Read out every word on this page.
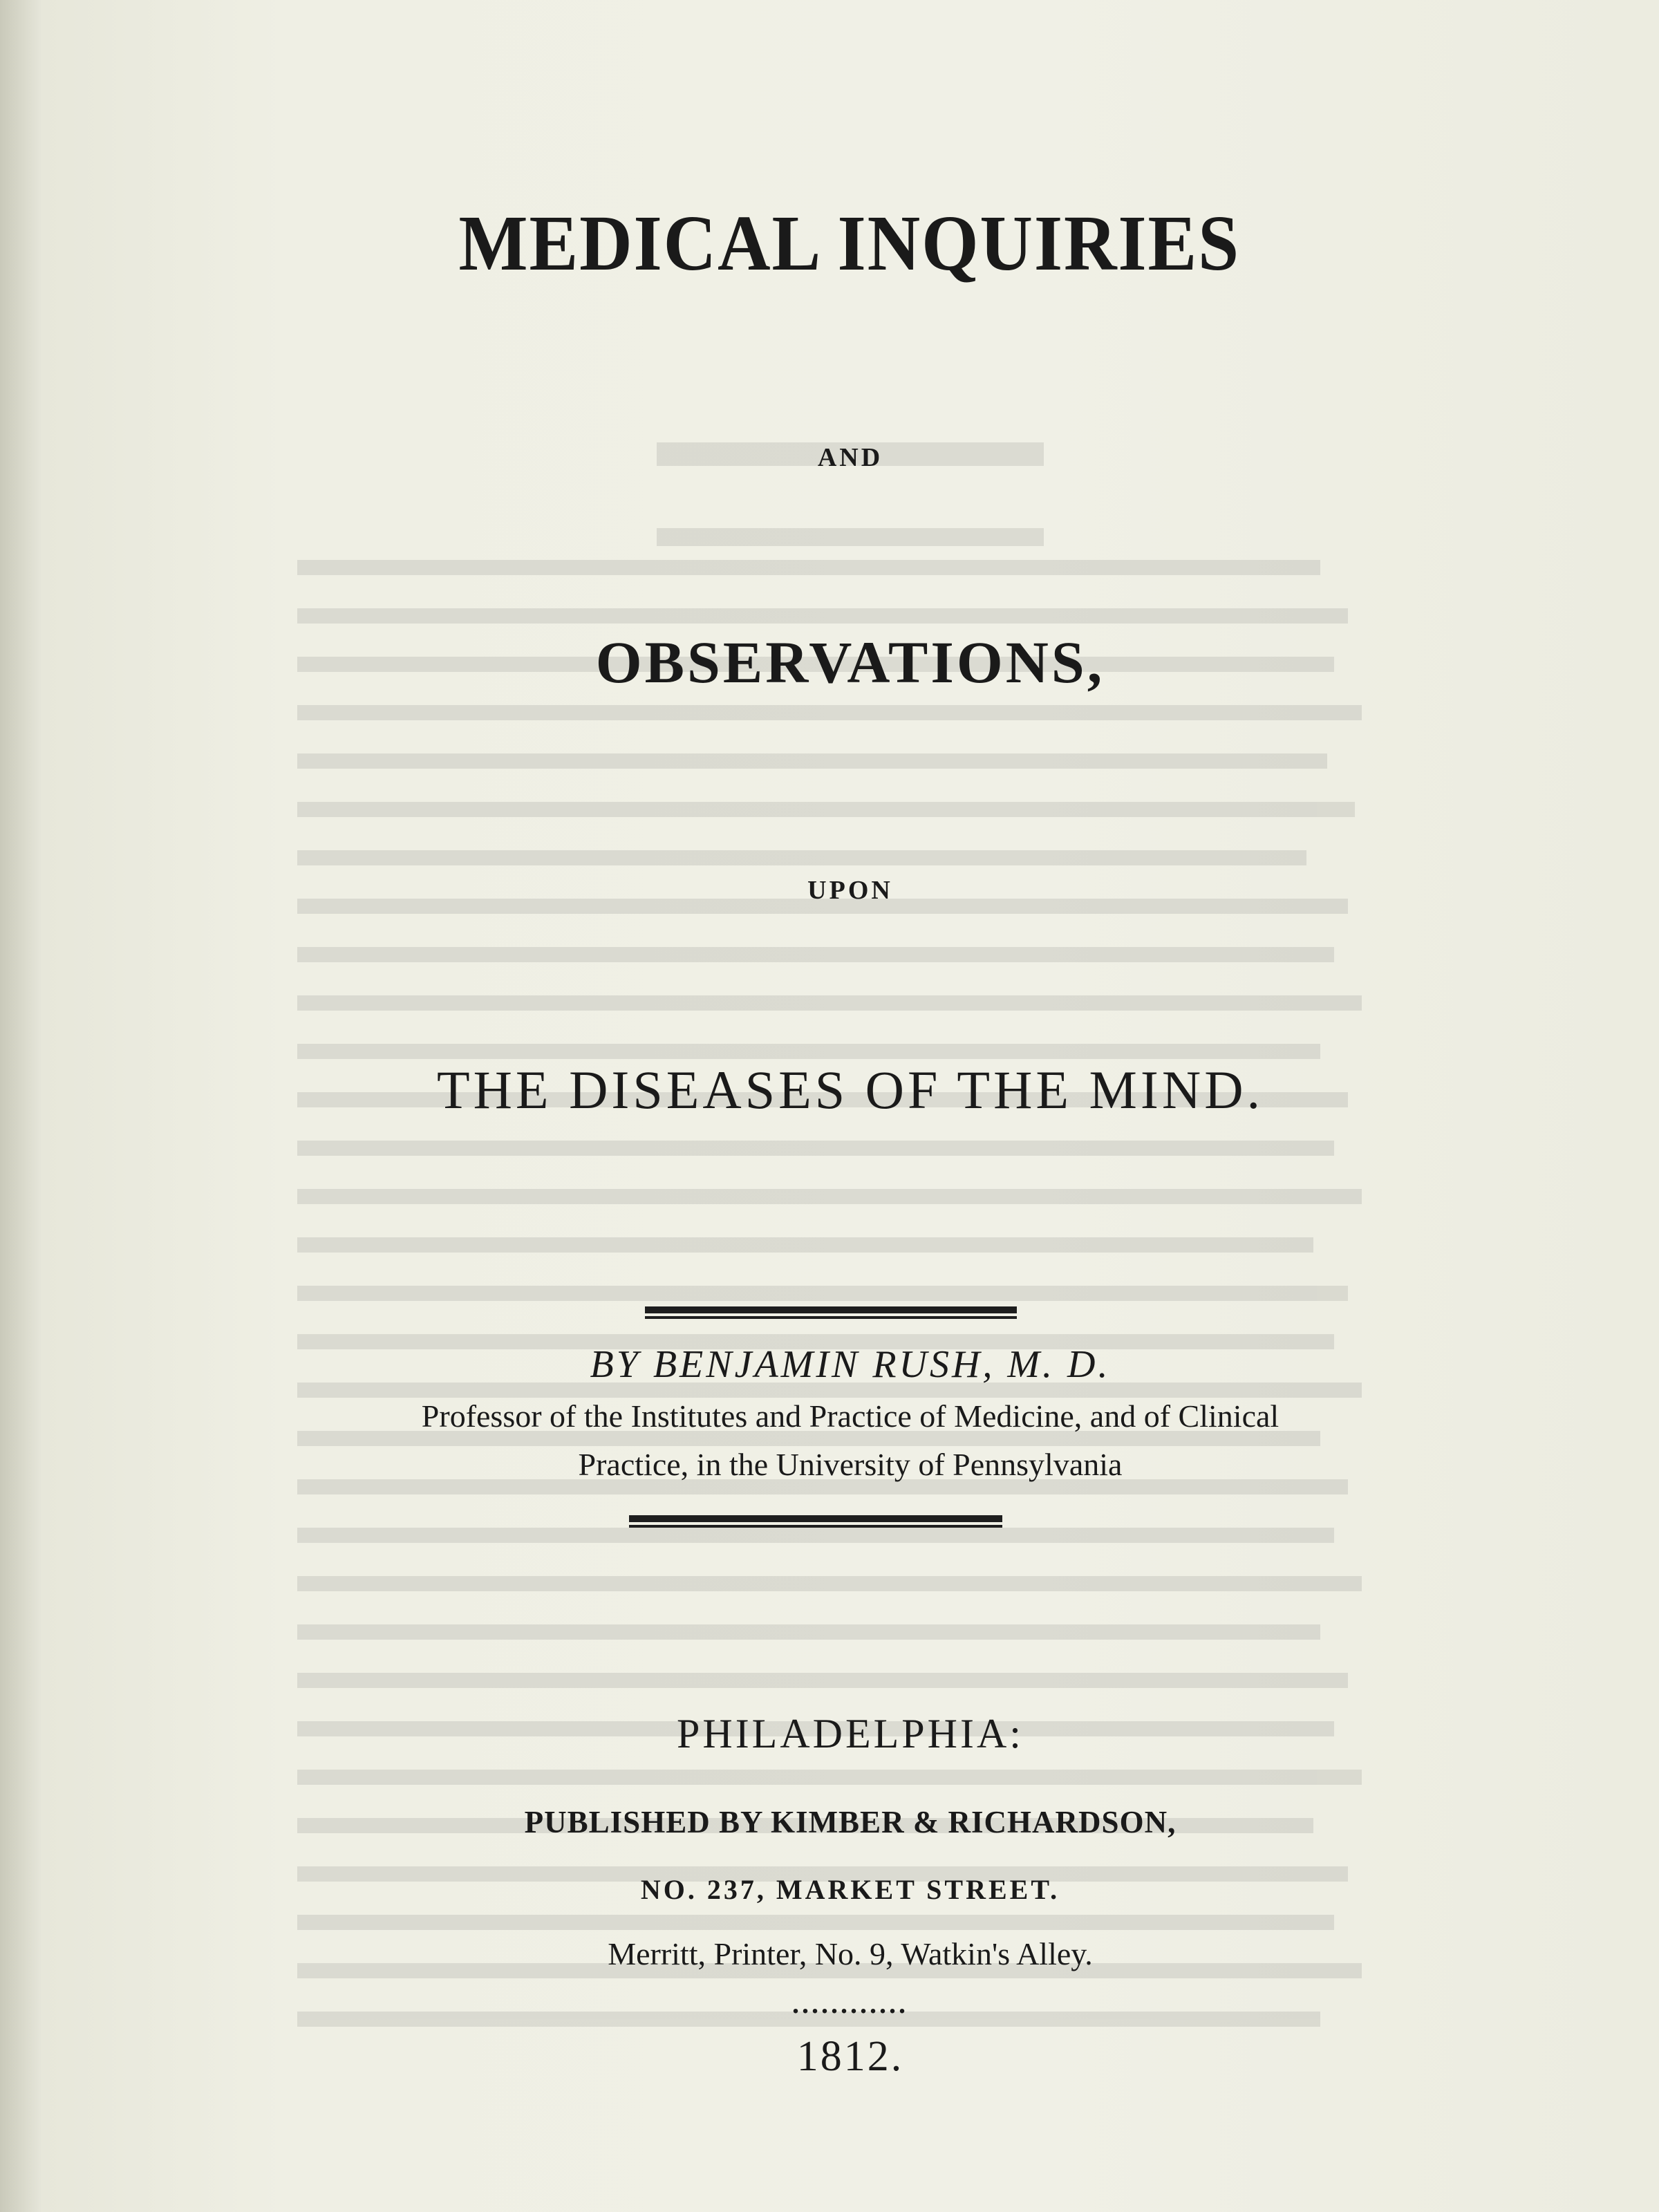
MEDICAL INQUIRIES
AND
OBSERVATIONS,
UPON
THE DISEASES OF THE MIND.
BY BENJAMIN RUSH, M. D.
Professor of the Institutes and Practice of Medicine, and of Clinical
Practice, in the University of Pennsylvania
PHILADELPHIA:
PUBLISHED BY KIMBER & RICHARDSON,
NO. 237, MARKET STREET.
Merritt, Printer, No. 9, Watkin's Alley.
............
1812.
